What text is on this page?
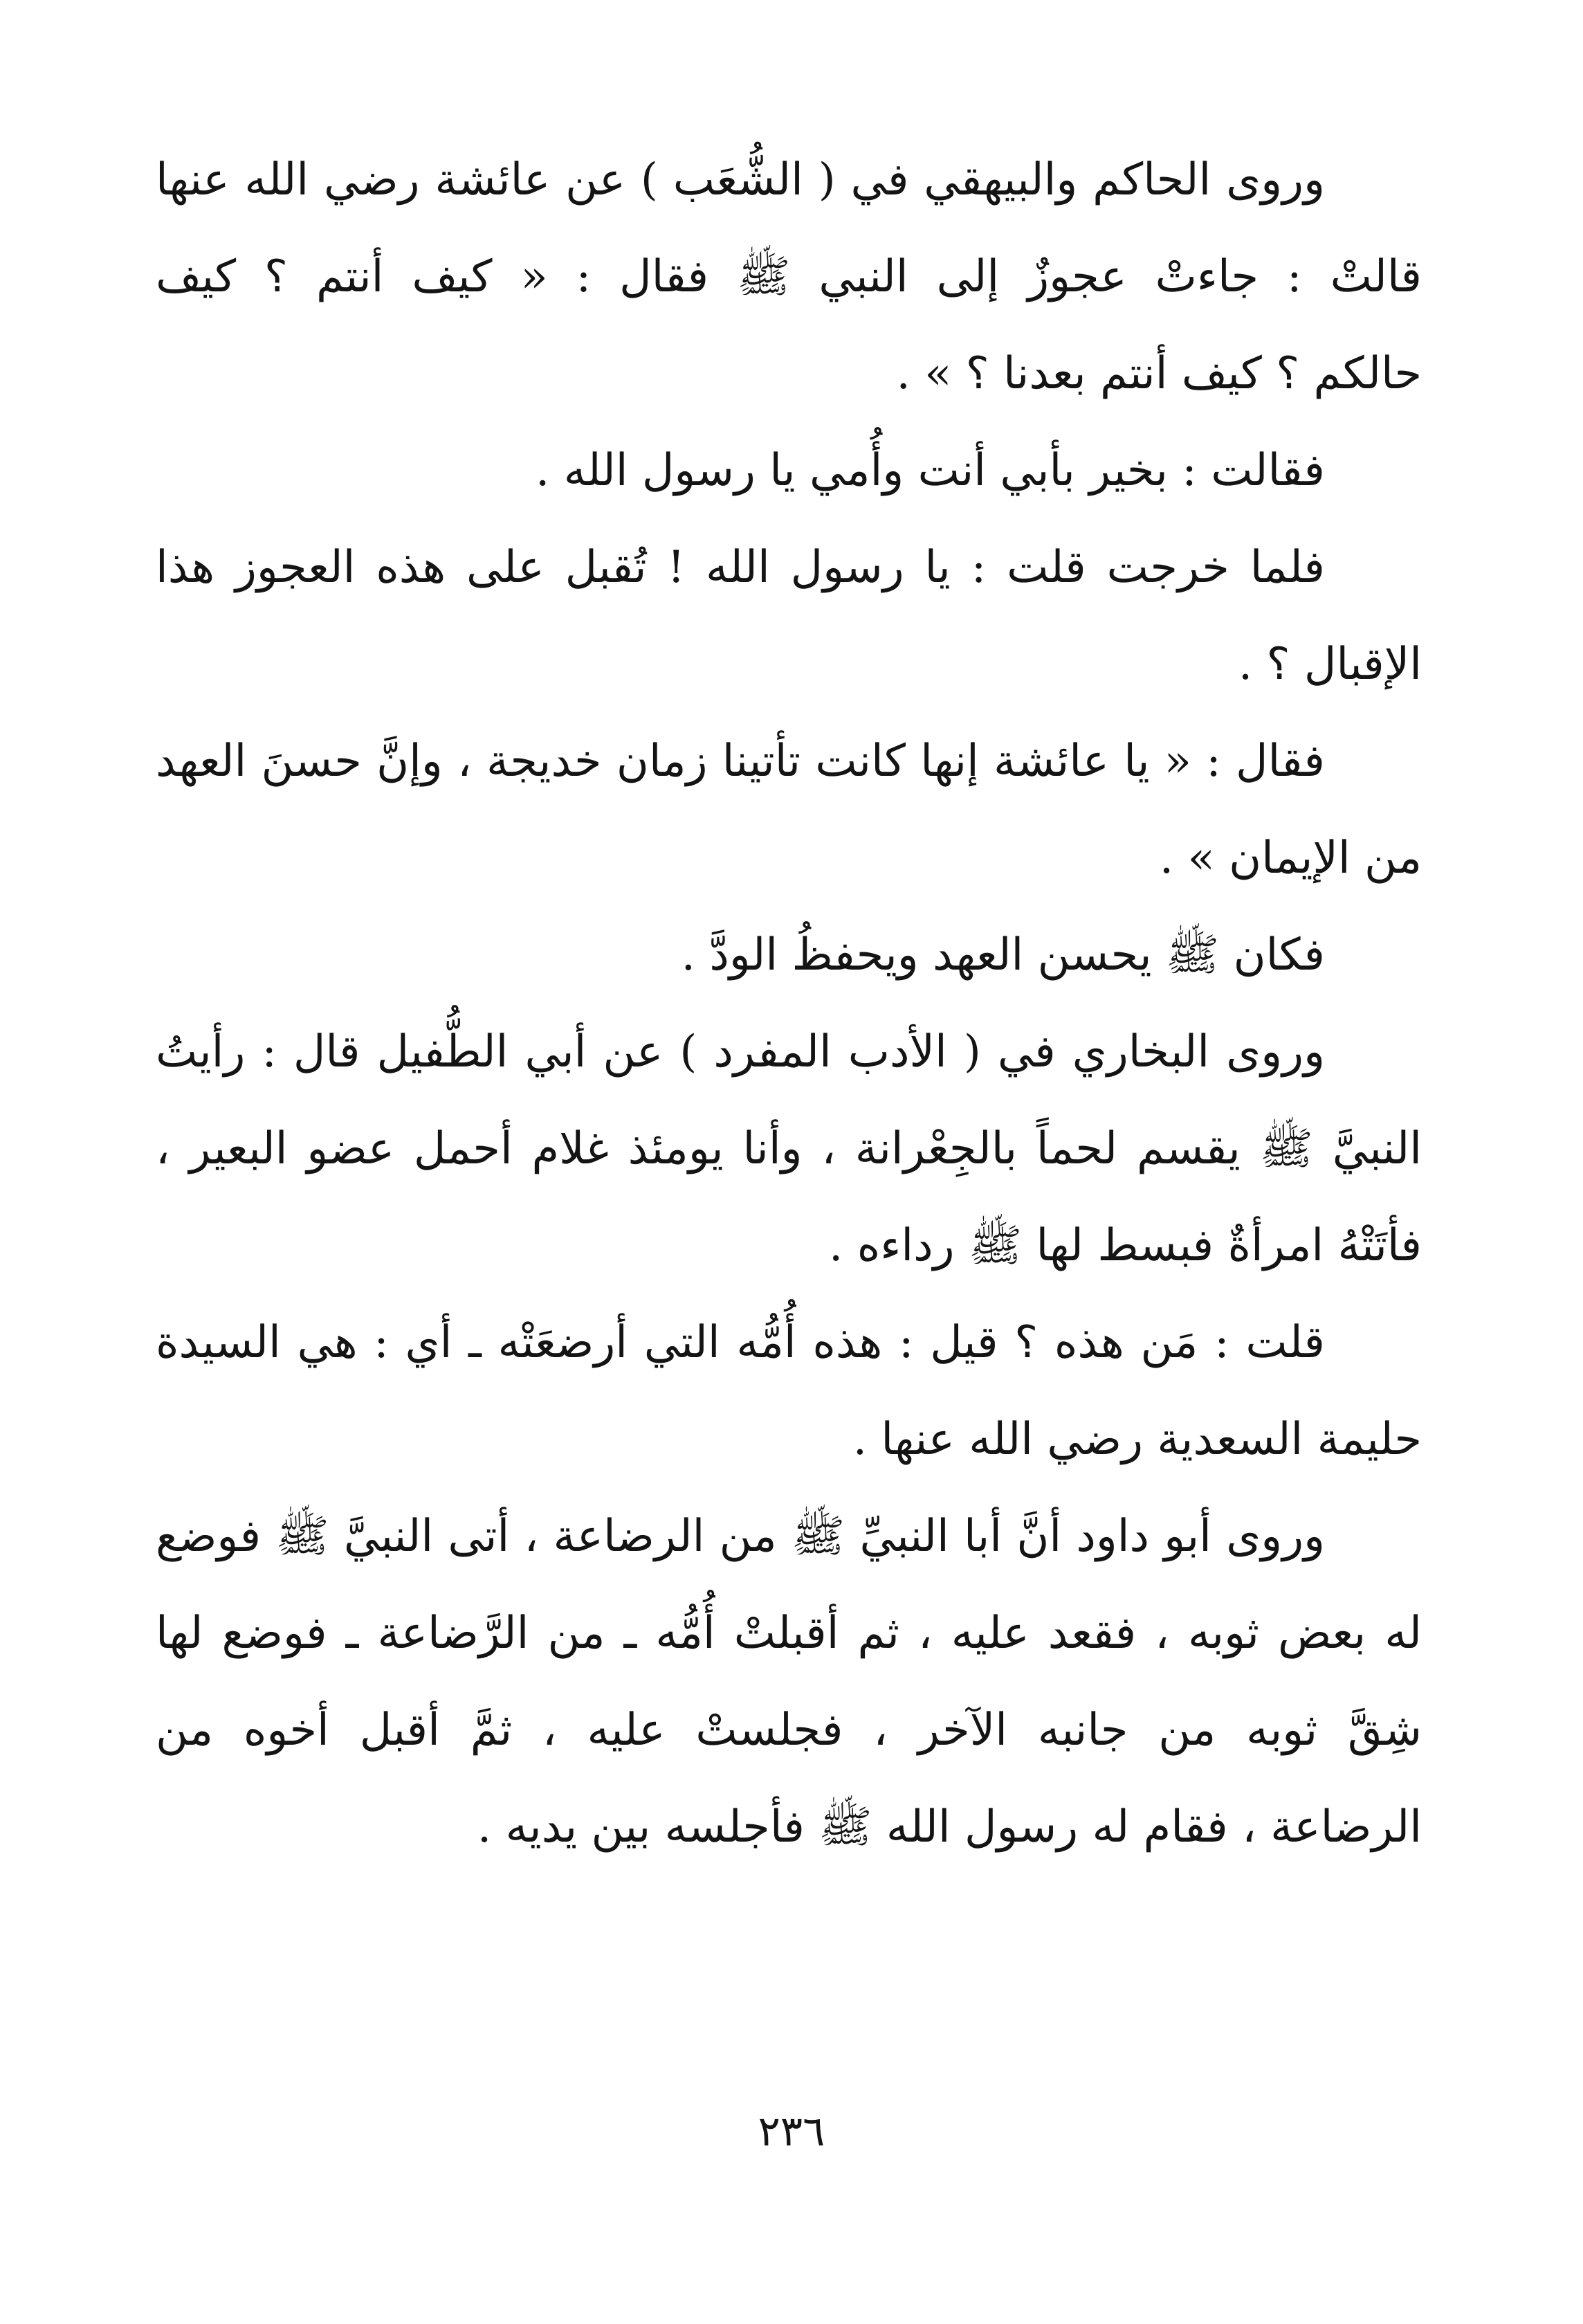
وروى الحاكم والبيهقي في ( الشُّعَب ) عن عائشة رضي الله عنها
قالتْ : جاءتْ عجوزٌ إلى النبي ﷺ فقال : « كيف أنتم ؟ كيف
حالكم ؟ كيف أنتم بعدنا ؟ » .
فقالت : بخير بأبي أنت وأُمي يا رسول الله .
فلما خرجت قلت : يا رسول الله ! تُقبل على هذه العجوز هذا
الإقبال ؟ .
فقال : « يا عائشة إنها كانت تأتينا زمان خديجة ، وإنَّ حسنَ العهد
من الإيمان » .
فكان ﷺ يحسن العهد ويحفظُ الودَّ .
وروى البخاري في ( الأدب المفرد ) عن أبي الطُّفيل قال : رأيتُ
النبيَّ ﷺ يقسم لحماً بالجِعْرانة ، وأنا يومئذ غلام أحمل عضو البعير ،
فأتَتْهُ امرأةٌ فبسط لها ﷺ رداءه .
قلت : مَن هذه ؟ قيل : هذه أُمُّه التي أرضعَتْه ـ أي : هي السيدة
حليمة السعدية رضي الله عنها .
وروى أبو داود أنَّ أبا النبيِّ ﷺ من الرضاعة ، أتى النبيَّ ﷺ فوضع
له بعض ثوبه ، فقعد عليه ، ثم أقبلتْ أُمُّه ـ من الرَّضاعة ـ فوضع لها
شِقَّ ثوبه من جانبه الآخر ، فجلستْ عليه ، ثمَّ أقبل أخوه من
الرضاعة ، فقام له رسول الله ﷺ فأجلسه بين يديه .
٢٣٦
